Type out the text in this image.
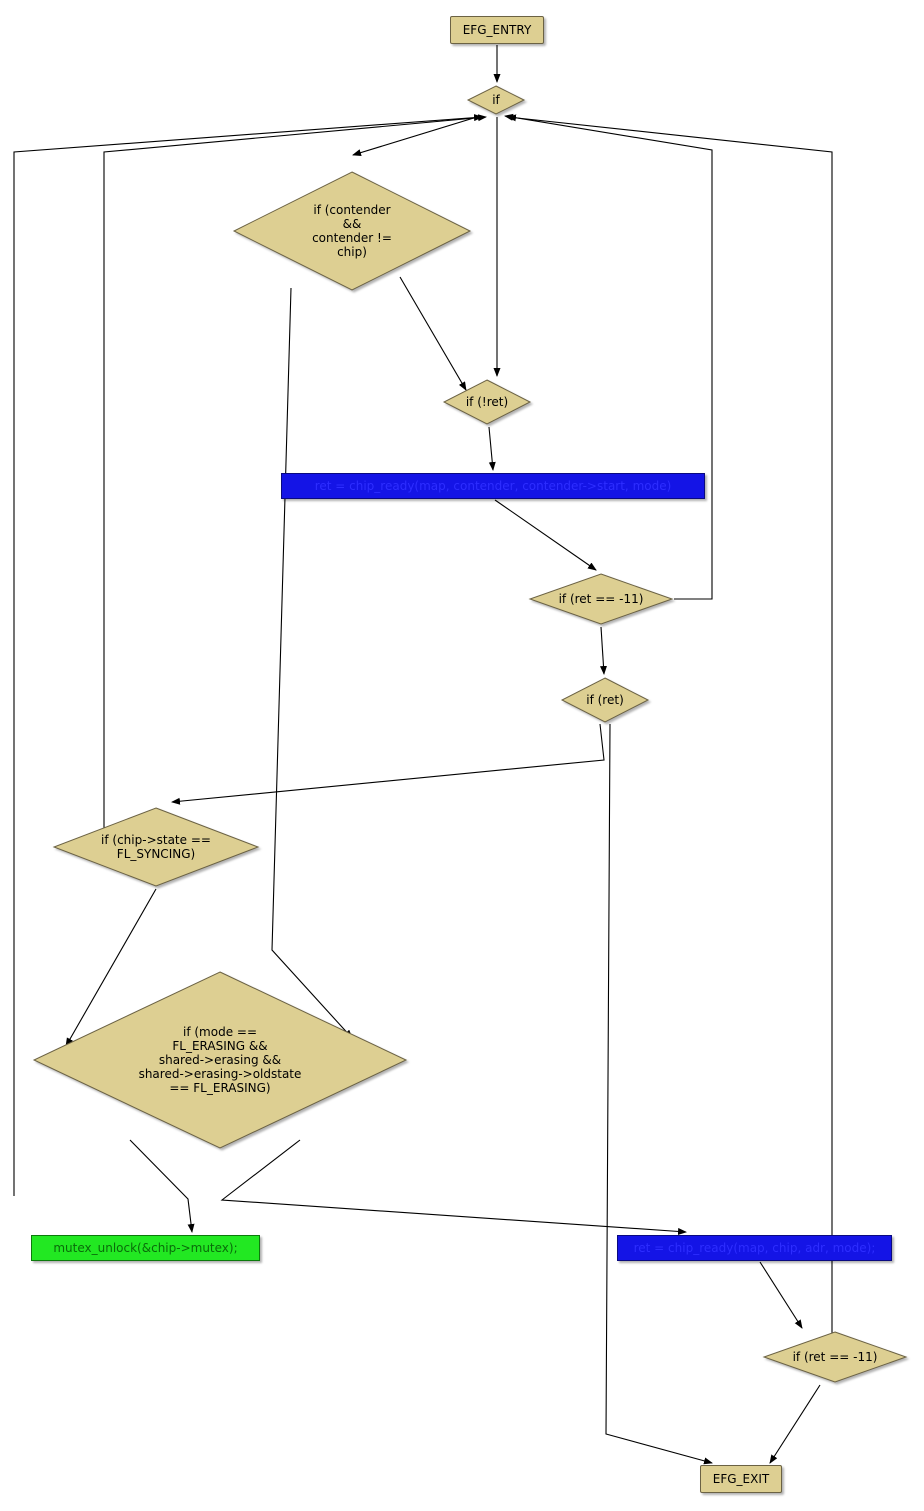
EFG_ENTRY
if
if (contender
&&
contender !=
chip)
if (!ret)
ret = chip_ready(map, contender, contender->start, mode)
if (ret == -11)
if (ret)
if (chip->state ==
FL_SYNCING)
if (mode ==
FL_ERASING &&
shared->erasing &&
shared->erasing->oldstate
== FL_ERASING)
mutex_unlock(&chip->mutex);	ret = chip_ready(map, chip, adr, mode);
if (ret == -11)
EFG_EXIT
